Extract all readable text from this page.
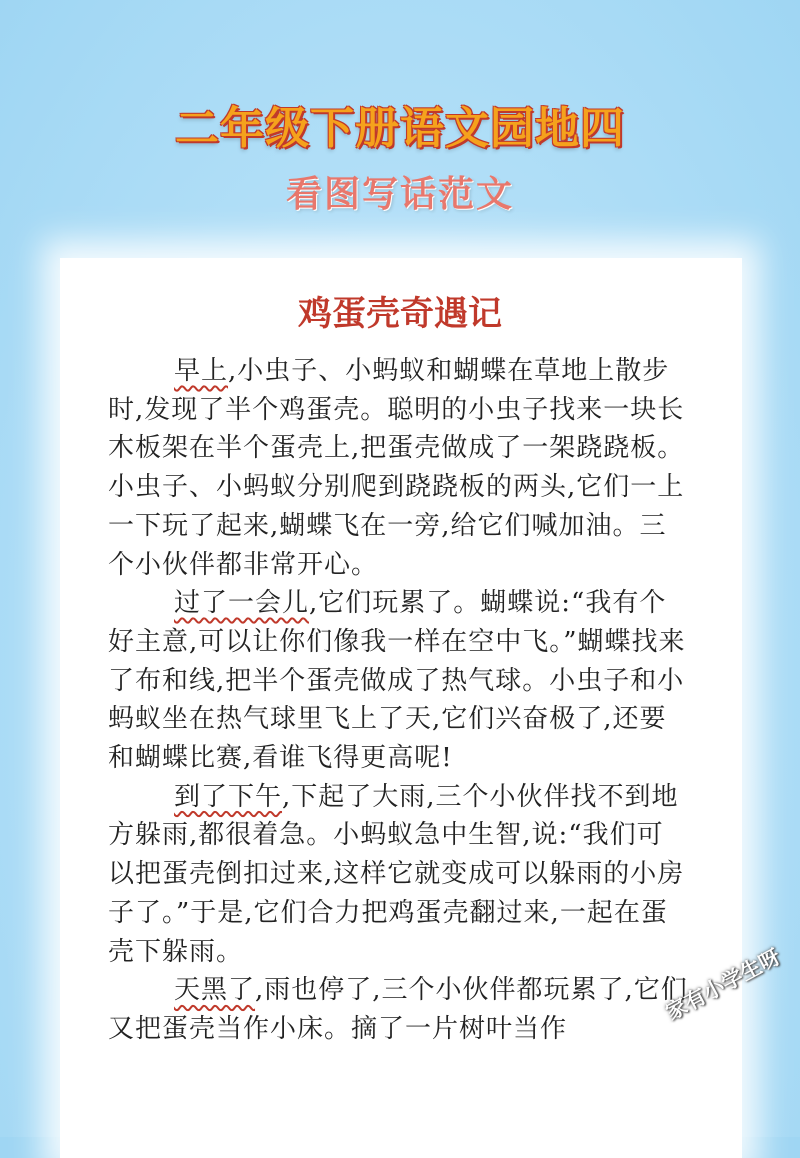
二年级下册语文园地四
看图写话范文
鸡蛋壳奇遇记

早上,小虫子、小蚂蚁和蝴蝶在草地上散步时,发现了半个鸡蛋壳。聪明的小虫子找来一块长木板架在半个蛋壳上,把蛋壳做成了一架跷跷板。 小虫子、小蚂蚁分别爬到跷跷板的两头,它们一上一下玩了起来,蝴蝶飞在一旁,给它们喊加油。三个小伙伴都非常开心。

过了一会儿,它们玩累了。蝴蝶说:“我有个好主意,可以让你们像我一样在空中飞。”蝴蝶找来了布和线,把半个蛋壳做成了热气球。小虫子和小蚂蚁坐在热气球里飞上了天,它们兴奋极了,还要和蝴蝶比赛,看谁飞得更高呢!

到了下午,下起了大雨,三个小伙伴找不到地方躲雨,都很着急。小蚂蚁急中生智,说:“我们可以把蛋壳倒扣过来,这样它就变成可以躲雨的小房子了。”于是,它们合力把鸡蛋壳翻过来,一起在蛋壳下躲雨。

天黑了,雨也停了,三个小伙伴都玩累了,它们又把蛋壳当作小床。摘了一片树叶当作

家有小学生呀
